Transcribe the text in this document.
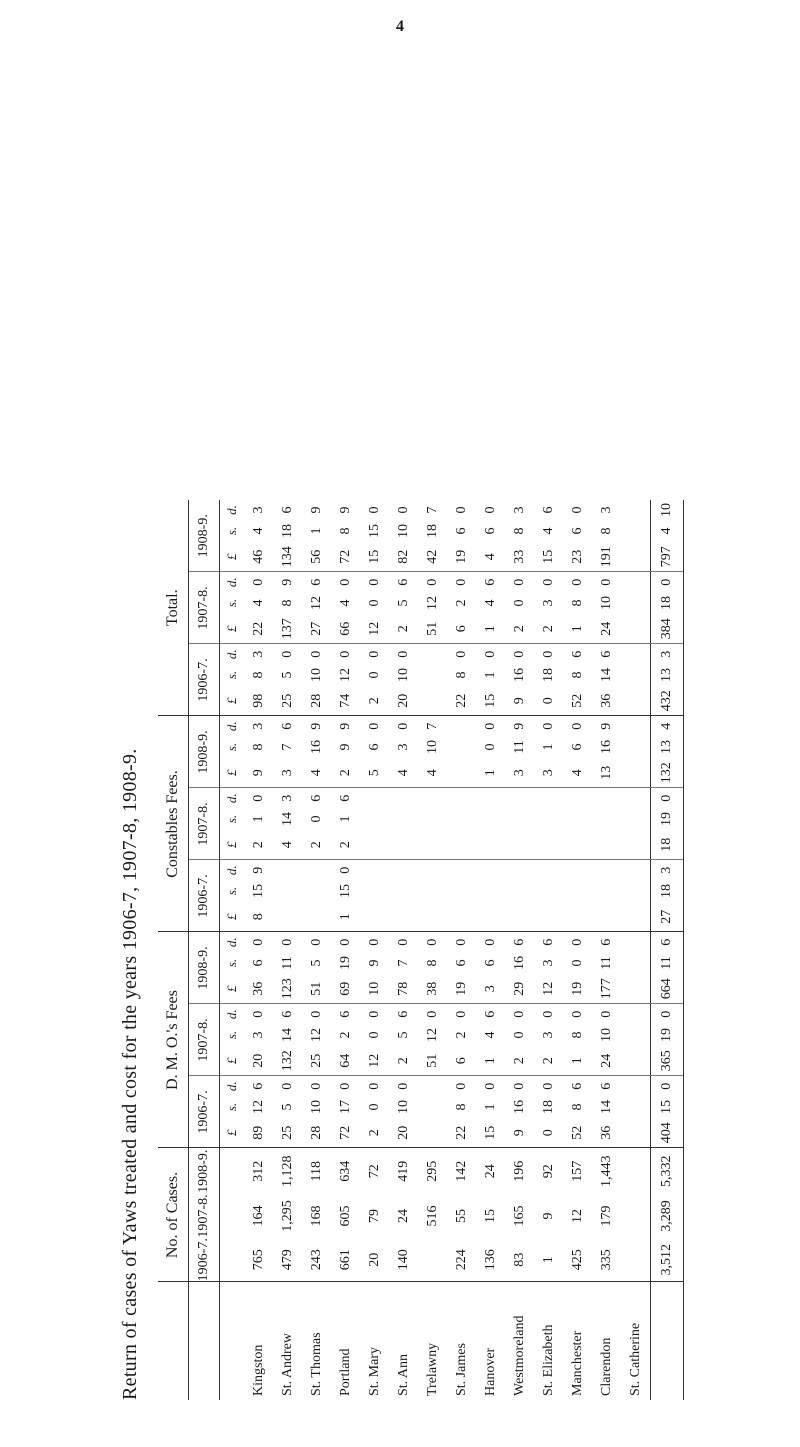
4
Return of cases of Yaws treated and cost for the years 1906-7, 1907-8, 1908-9.
		No. of Cases.			D. M. O.'s Fees									Constables Fees.									Total.								
	1906-7.	1907-8.	1908-9.	1906-7.			1907-8.			1908-9.			1906-7.			1907-8.			1908-9.			1906-7.			1907-8.			1908-9.		
				£	s.	d.	£	s.	d.	£	s.	d.	£	s.	d.	£	s.	d.	£	s.	d.	£	s.	d.	£	s.	d.	£	s.	d.
Kingston	765	164	312	89	12	6	20	3	0	36	6	0	8	15	9	2	1	0	9	8	3	98	8	3	22	4	0	46	4	3
St. Andrew	479	1,295	1,128	25	5	0	132	14	6	123	11	0				4	14	3	3	7	6	25	5	0	137	8	9	134	18	6
St. Thomas	243	168	118	28	10	0	25	12	0	51	5	0				2	0	6	4	16	9	28	10	0	27	12	6	56	1	9
Portland	661	605	634	72	17	0	64	2	6	69	19	0	1	15	0	2	1	6	2	9	9	74	12	0	66	4	0	72	8	9
St. Mary	20	79	72	2	0	0	12	0	0	10	9	0							5	6	0	2	0	0	12	0	0	15	15	0
St. Ann	140	24	419	20	10	0	2	5	6	78	7	0							4	3	0	20	10	0	2	5	6	82	10	0
Trelawny		516	295				51	12	0	38	8	0							4	10	7				51	12	0	42	18	7
St. James	224	55	142	22	8	0	6	2	0	19	6	0										22	8	0	6	2	0	19	6	0
Hanover	136	15	24	15	1	0	1	4	6	3	6	0							1	0	0	15	1	0	1	4	6	4	6	0
Westmoreland	83	165	196	9	16	0	2	0	0	29	16	6							3	11	9	9	16	0	2	0	0	33	8	3
St. Elizabeth	1	9	92	0	18	0	2	3	0	12	3	6							3	1	0	0	18	0	2	3	0	15	4	6
Manchester	425	12	157	52	8	6	1	8	0	19	0	0							4	6	0	52	8	6	1	8	0	23	6	0
Clarendon	335	179	1,443	36	14	6	24	10	0	177	11	6							13	16	9	36	14	6	24	10	0	191	8	3
St. Catherine																														
	3,512	3,289	5,332	404	15	0	365	19	0	664	11	6	27	18	3	18	19	0	132	13	4	432	13	3	384	18	0	797	4	10
